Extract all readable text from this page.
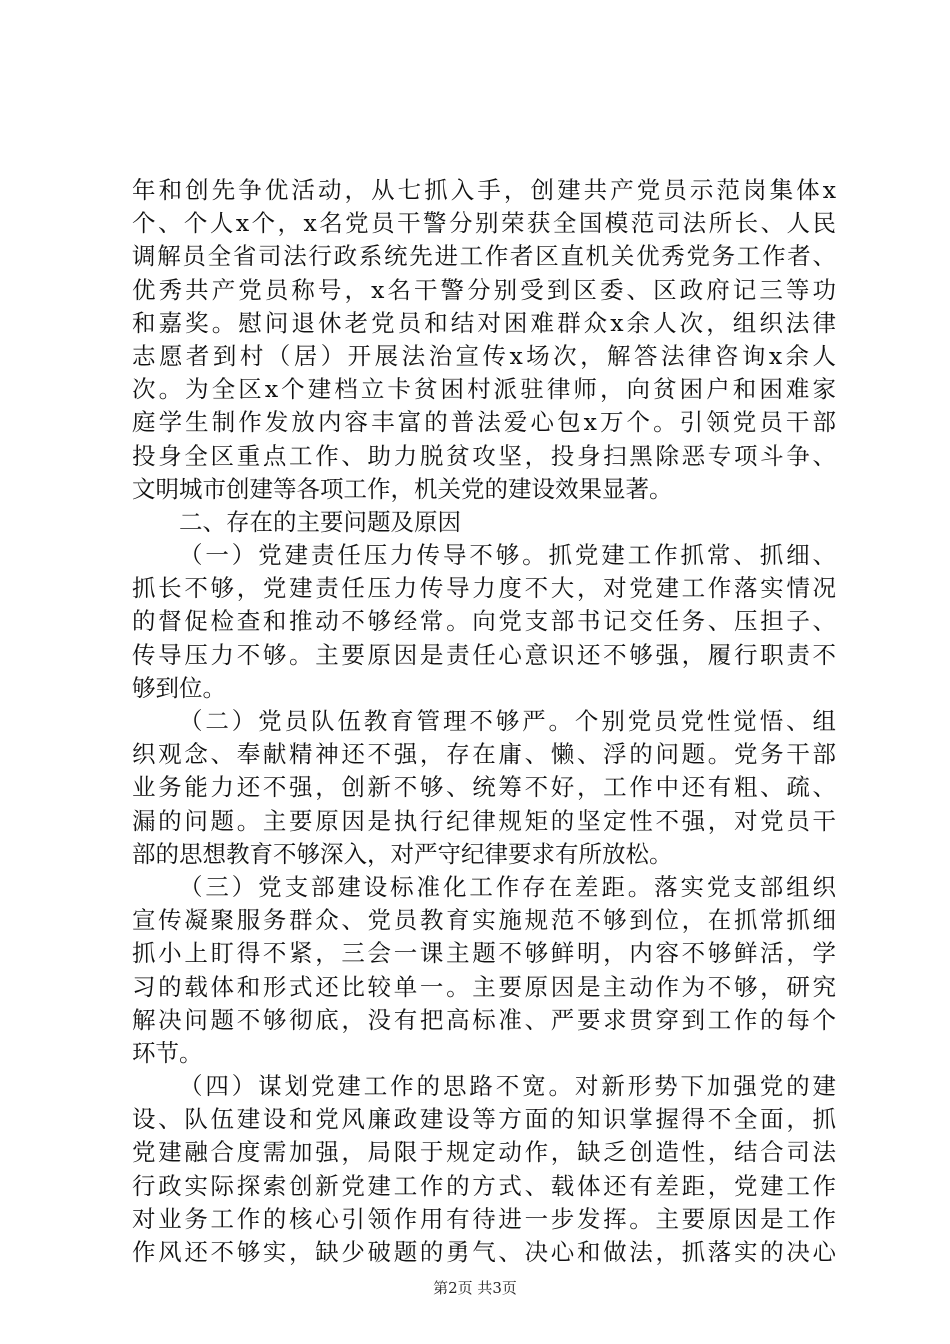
年和创先争优活动，从七抓入手，创建共产党员示范岗集体x
个、个人x个，x名党员干警分别荣获全国模范司法所长、人民
调解员全省司法行政系统先进工作者区直机关优秀党务工作者、
优秀共产党员称号，x名干警分别受到区委、区政府记三等功
和嘉奖。慰问退休老党员和结对困难群众x余人次，组织法律
志愿者到村（居）开展法治宣传x场次，解答法律咨询x余人
次。为全区x个建档立卡贫困村派驻律师，向贫困户和困难家
庭学生制作发放内容丰富的普法爱心包x万个。引领党员干部
投身全区重点工作、助力脱贫攻坚，投身扫黑除恶专项斗争、
文明城市创建等各项工作，机关党的建设效果显著。
二、存在的主要问题及原因
（一）党建责任压力传导不够。抓党建工作抓常、抓细、
抓长不够，党建责任压力传导力度不大，对党建工作落实情况
的督促检查和推动不够经常。向党支部书记交任务、压担子、
传导压力不够。主要原因是责任心意识还不够强，履行职责不
够到位。
（二）党员队伍教育管理不够严。个别党员党性觉悟、组
织观念、奉献精神还不强，存在庸、懒、浮的问题。党务干部
业务能力还不强，创新不够、统筹不好，工作中还有粗、疏、
漏的问题。主要原因是执行纪律规矩的坚定性不强，对党员干
部的思想教育不够深入，对严守纪律要求有所放松。
（三）党支部建设标准化工作存在差距。落实党支部组织
宣传凝聚服务群众、党员教育实施规范不够到位，在抓常抓细
抓小上盯得不紧，三会一课主题不够鲜明，内容不够鲜活，学
习的载体和形式还比较单一。主要原因是主动作为不够，研究
解决问题不够彻底，没有把高标准、严要求贯穿到工作的每个
环节。
（四）谋划党建工作的思路不宽。对新形势下加强党的建
设、队伍建设和党风廉政建设等方面的知识掌握得不全面，抓
党建融合度需加强，局限于规定动作，缺乏创造性，结合司法
行政实际探索创新党建工作的方式、载体还有差距，党建工作
对业务工作的核心引领作用有待进一步发挥。主要原因是工作
作风还不够实，缺少破题的勇气、决心和做法，抓落实的决心
第2页 共3页
